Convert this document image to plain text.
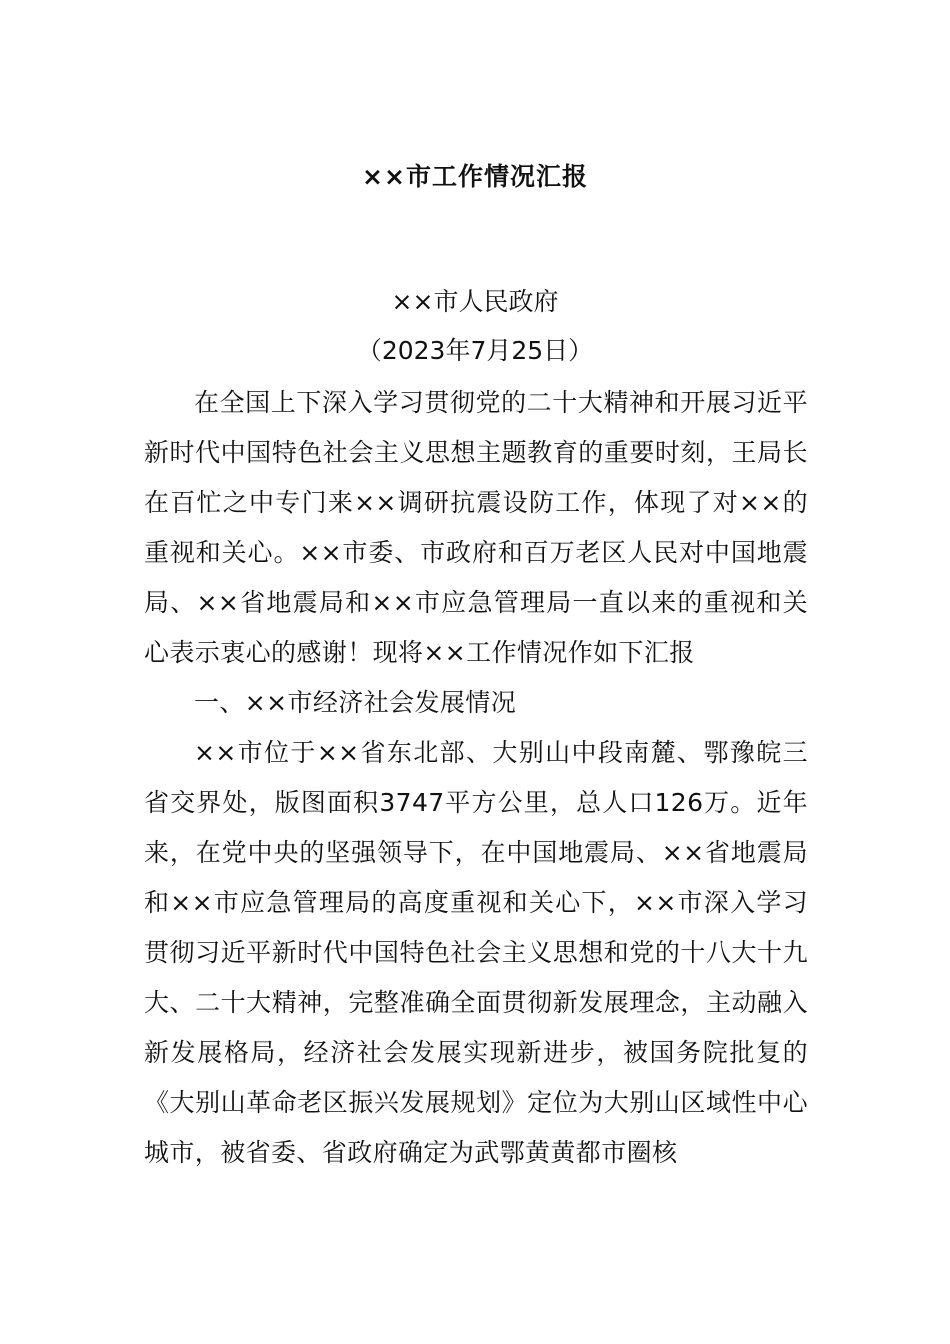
××市工作情况汇报
××市人民政府
（2023年7月25日）

在全国上下深入学习贯彻党的二十大精神和开展习近平新时代中国特色社会主义思想主题教育的重要时刻，王局长在百忙之中专门来××调研抗震设防工作，体现了对××的重视和关心。××市委、市政府和百万老区人民对中国地震局、××省地震局和××市应急管理局一直以来的重视和关心表示衷心的感谢！现将××工作情况作如下汇报

一、××市经济社会发展情况

××市位于××省东北部、大别山中段南麓、鄂豫皖三省交界处，版图面积3747平方公里，总人口126万。近年来，在党中央的坚强领导下，在中国地震局、××省地震局和××市应急管理局的高度重视和关心下，××市深入学习贯彻习近平新时代中国特色社会主义思想和党的十八大十九大、二十大精神，完整准确全面贯彻新发展理念，主动融入新发展格局，经济社会发展实现新进步，被国务院批复的《大别山革命老区振兴发展规划》定位为大别山区域性中心城市，被省委、省政府确定为武鄂黄黄都市圈核
